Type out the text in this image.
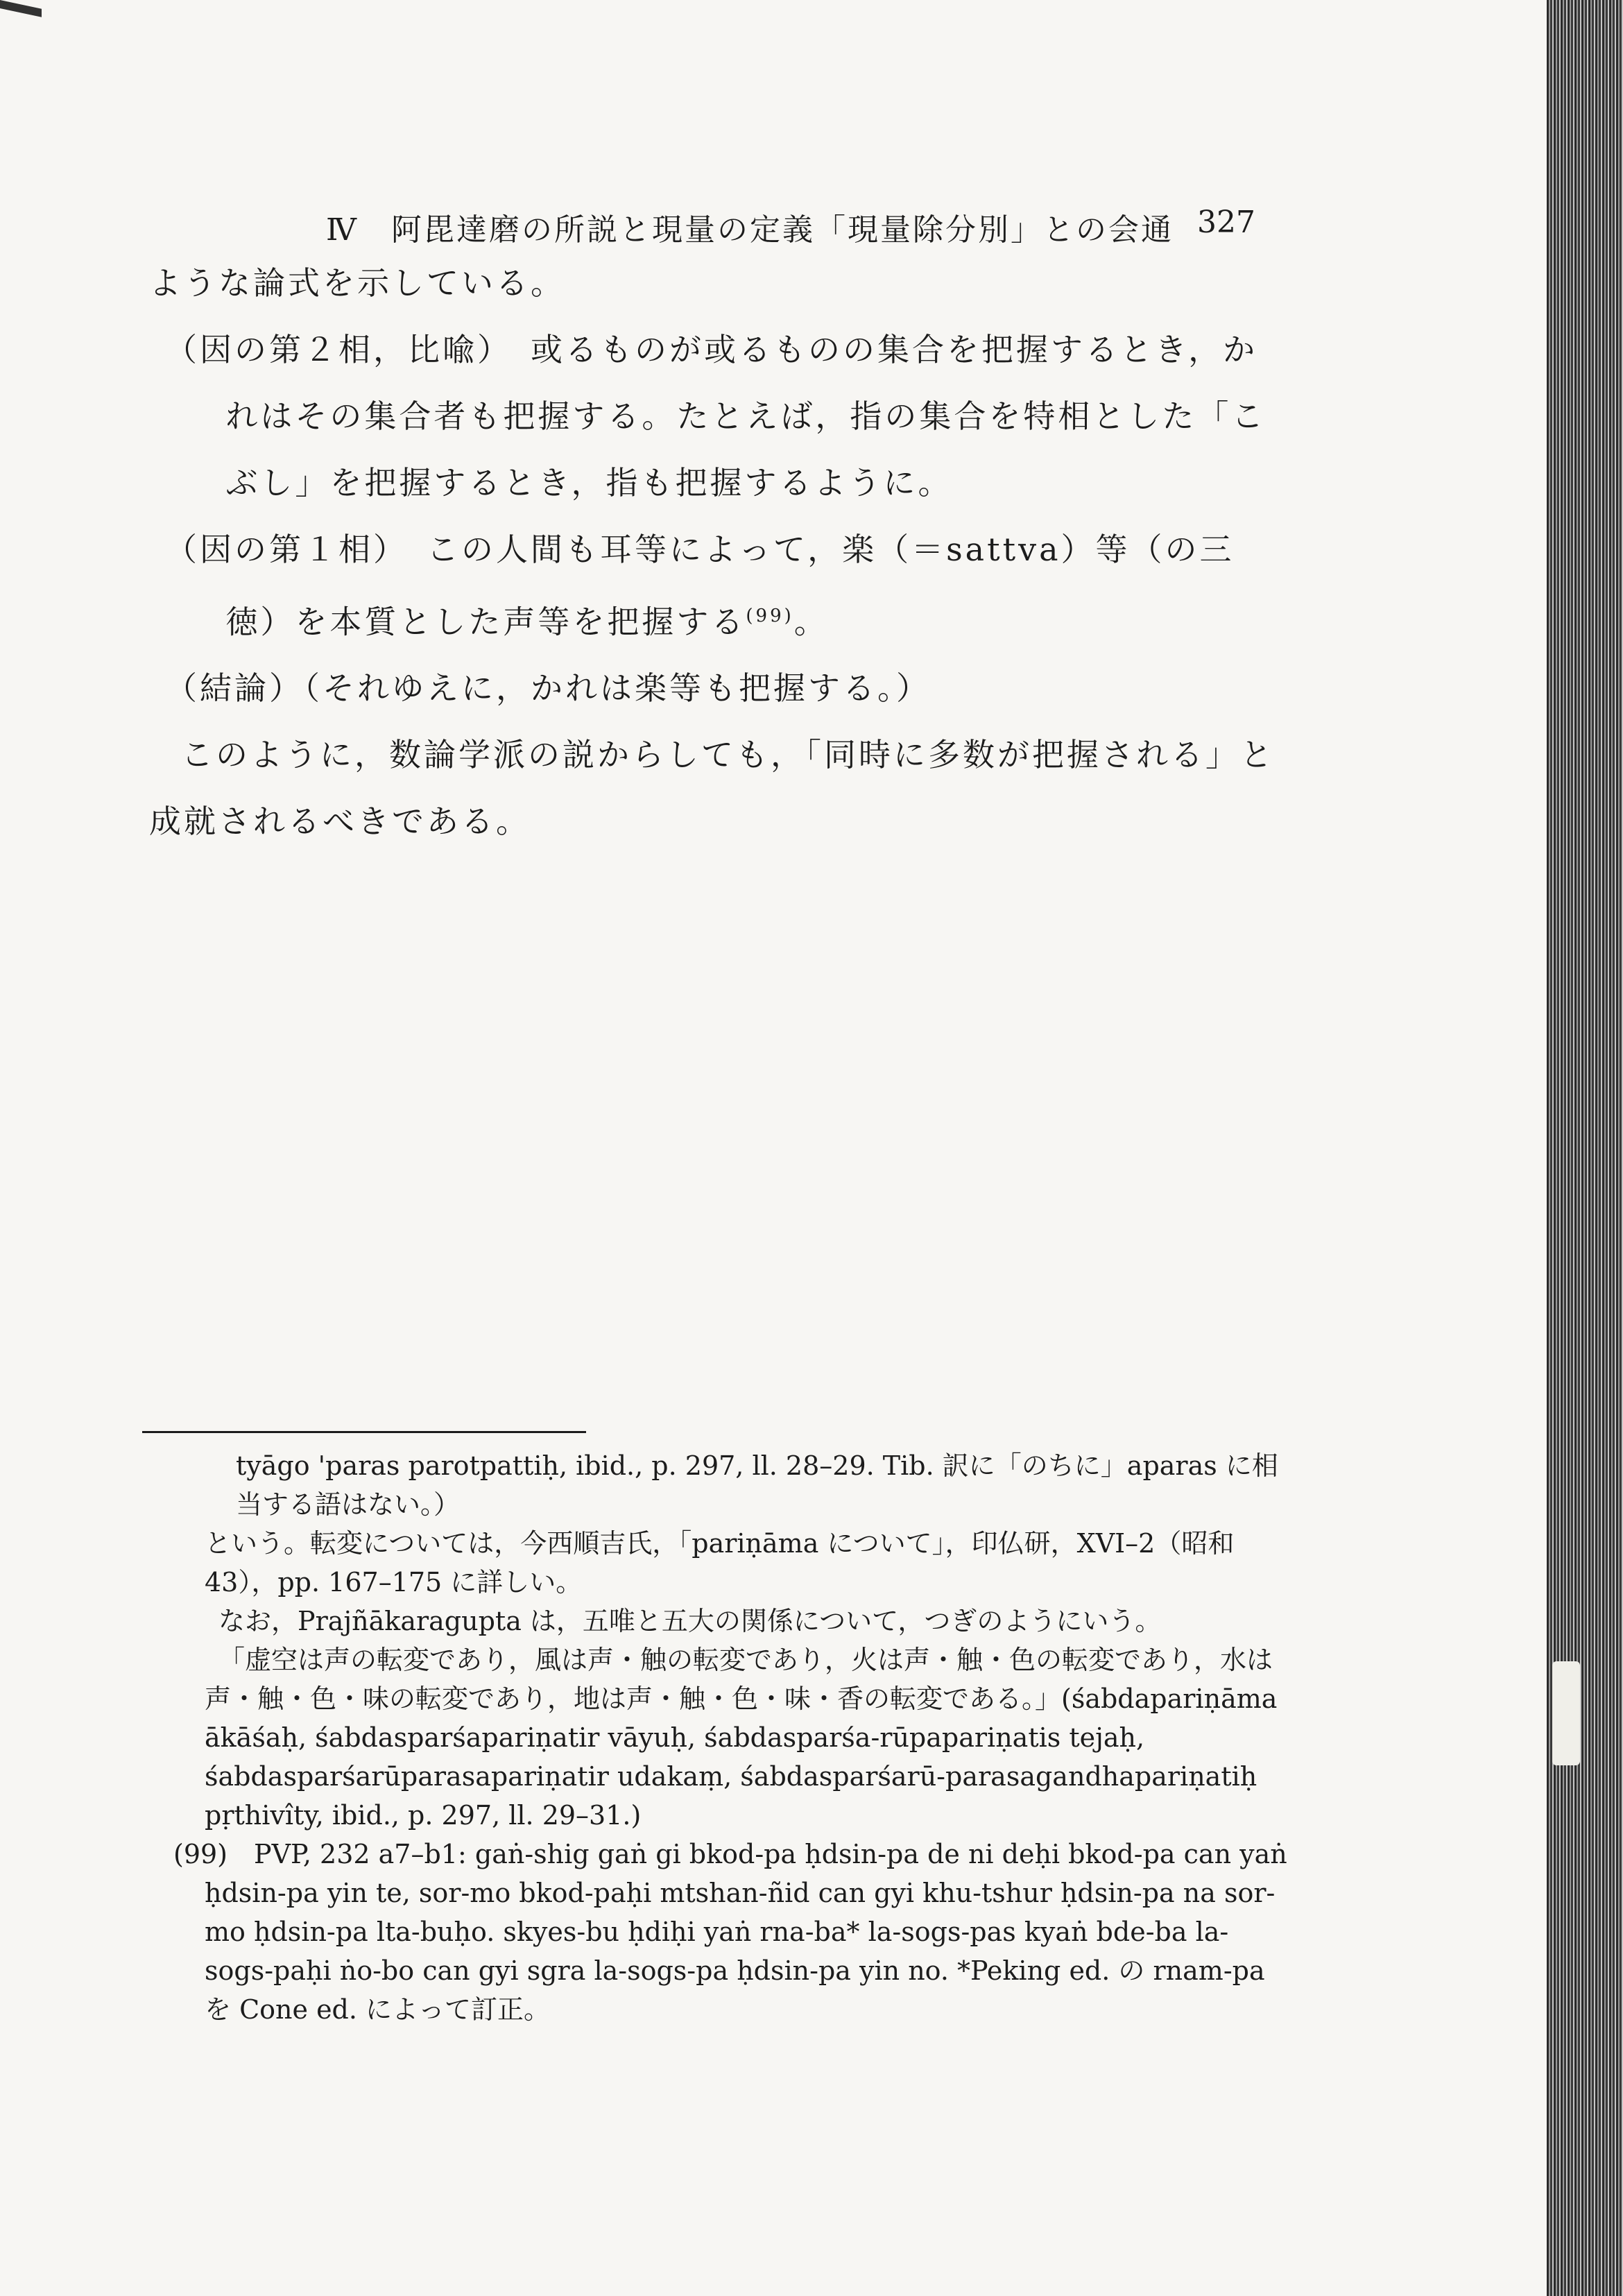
Ⅳ　阿毘達磨の所説と現量の定義「現量除分別」との会通 327

ような論式を示している。

（因の第２相，比喩）　或るものが或るものの集合を把握するとき，かれはその集合者も把握する。たとえば，指の集合を特相とした「こぶし」を把握するとき，指も把握するように。

（因の第１相）　この人間も耳等によって，楽（＝sattva）等（の三徳）を本質とした声等を把握する$^{(99)}$。

（結論）（それゆえに，かれは楽等も把握する。）

このように，数論学派の説からしても，「同時に多数が把握される」と成就されるべきである。

tyāgo 'paras parotpattiḥ, ibid., p. 297, ll. 28–29. Tib. 訳に「のちに」aparas に相当する語はない。）

という。転変については，今西順吉氏，「pariṇāma について」，印仏研，XVI–2（昭和43），pp. 167–175 に詳しい。

なお，Prajñākaragupta は，五唯と五大の関係について，つぎのようにいう。

「虚空は声の転変であり，風は声・触の転変であり，火は声・触・色の転変であり，水は声・触・色・味の転変であり，地は声・触・色・味・香の転変である。」(śabdapariṇāma ākāśaḥ, śabdasparśapariṇatir vāyuḥ, śabdasparśa-rūpapariṇatis tejaḥ, śabdasparśarūparasapariṇatir udakaṃ, śabdasparśarū-parasagandhapariṇatiḥ pṛthivîty, ibid., p. 297, ll. 29–31.)

(99)　PVP, 232 a7–b1: gaṅ-shig gaṅ gi bkod-pa ḥdsin-pa de ni deḥi bkod-pa can yaṅ ḥdsin-pa yin te, sor-mo bkod-paḥi mtshan-ñid can gyi khu-tshur ḥdsin-pa na sor-mo ḥdsin-pa lta-buḥo. skyes-bu ḥdiḥi yaṅ rna-ba* la-sogs-pas kyaṅ bde-ba la-sogs-paḥi ṅo-bo can gyi sgra la-sogs-pa ḥdsin-pa yin no. *Peking ed. の rnam-pa を Cone ed. によって訂正。
